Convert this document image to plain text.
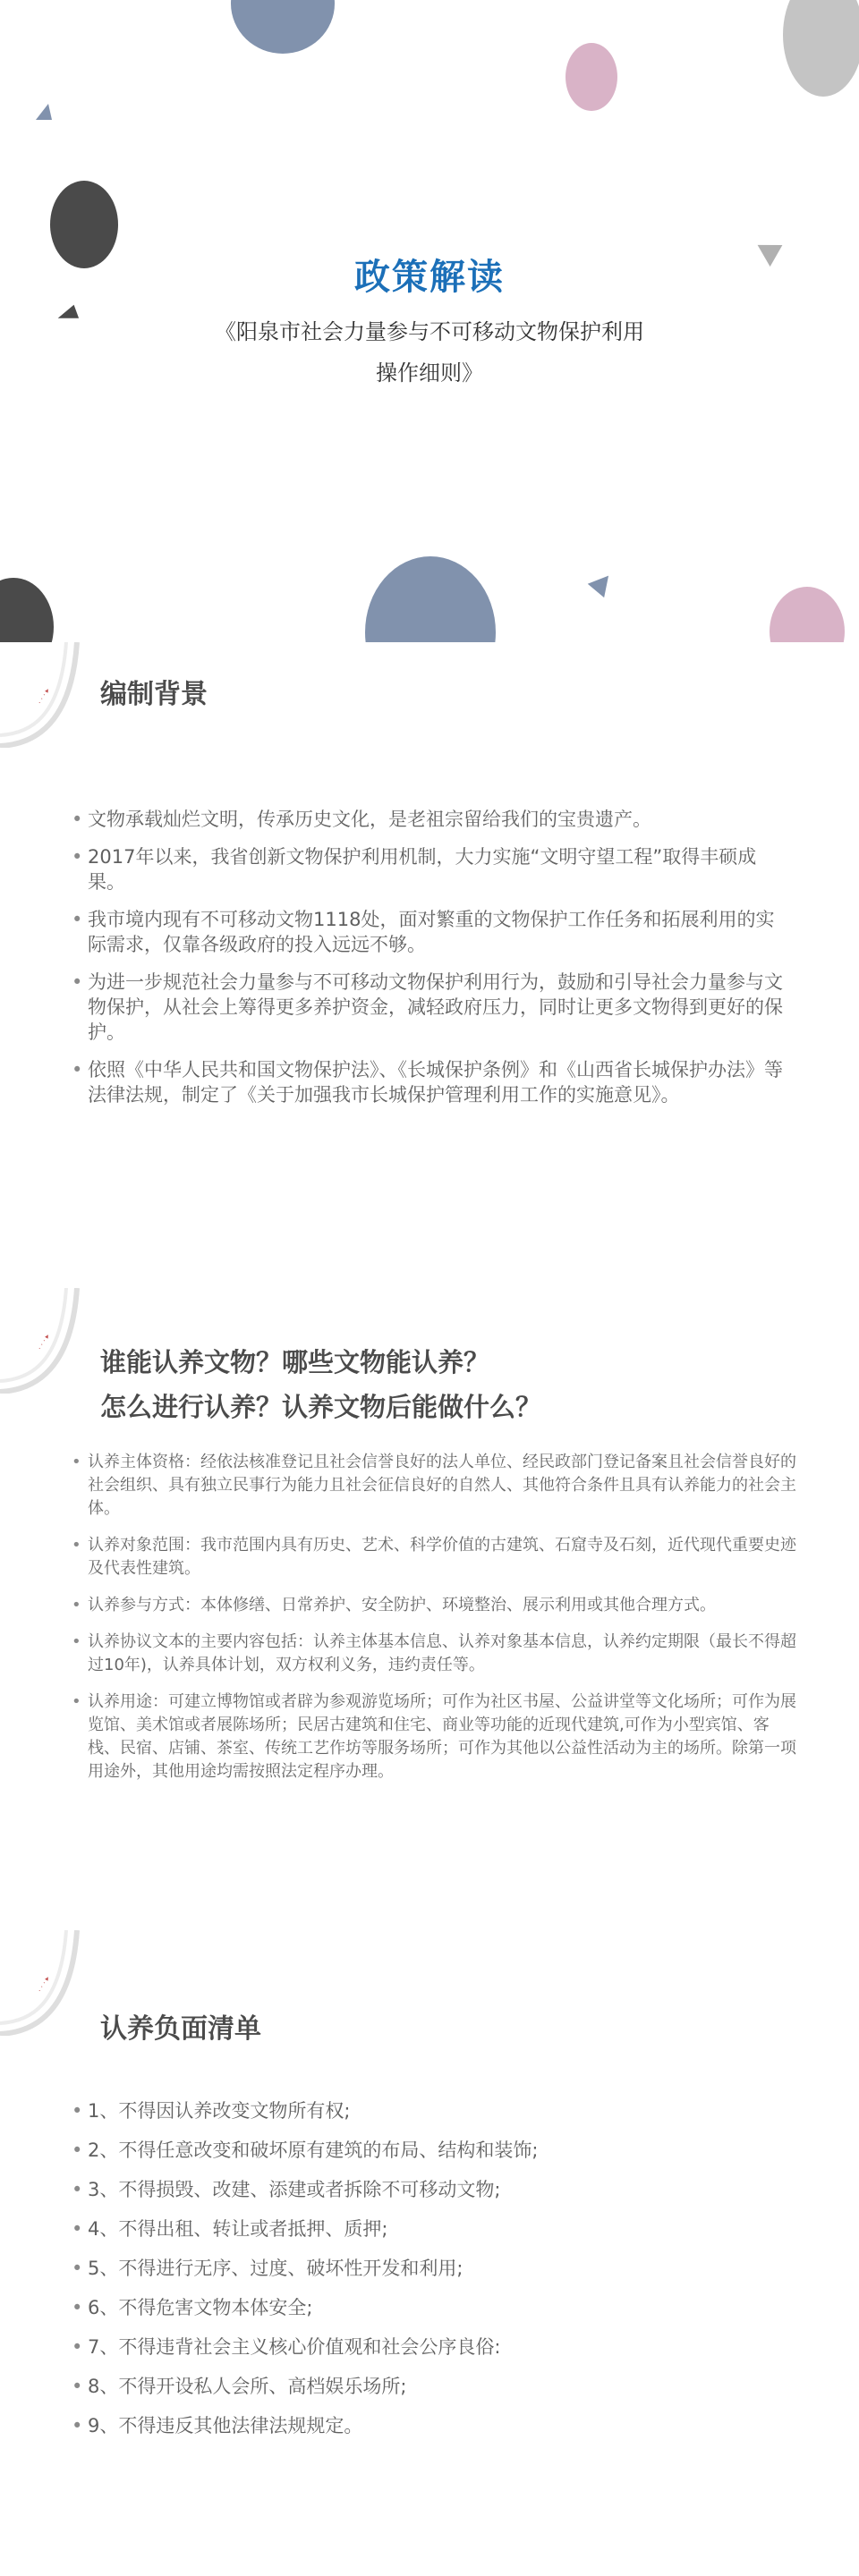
政策解读
《阳泉市社会力量参与不可移动文物保护利用
操作细则》
· · · ▸ 编制背景
• 文物承载灿烂文明，传承历史文化，是老祖宗留给我们的宝贵遗产。
• 2017年以来，我省创新文物保护利用机制，大力实施“文明守望工程”取得丰硕成果。
• 我市境内现有不可移动文物1118处，面对繁重的文物保护工作任务和拓展利用的实际需求，仅靠各级政府的投入远远不够。
• 为进一步规范社会力量参与不可移动文物保护利用行为，鼓励和引导社会力量参与文物保护，从社会上筹得更多养护资金，减轻政府压力，同时让更多文物得到更好的保护。
• 依照《中华人民共和国文物保护法》、《长城保护条例》和《山西省长城保护办法》等法律法规，制定了《关于加强我市长城保护管理利用工作的实施意见》。
· · · ▸
谁能认养文物？哪些文物能认养？
怎么进行认养？认养文物后能做什么？
• 认养主体资格：经依法核准登记且社会信誉良好的法人单位、经民政部门登记备案且社会信誉良好的社会组织、具有独立民事行为能力且社会征信良好的自然人、其他符合条件且具有认养能力的社会主体。
• 认养对象范围：我市范围内具有历史、艺术、科学价值的古建筑、石窟寺及石刻，近代现代重要史迹及代表性建筑。
• 认养参与方式：本体修缮、日常养护、安全防护、环境整治、展示利用或其他合理方式。
• 认养协议文本的主要内容包括：认养主体基本信息、认养对象基本信息，认养约定期限（最长不得超过10年)，认养具体计划，双方权利义务，违约责任等。
• 认养用途：可建立博物馆或者辟为参观游览场所；可作为社区书屋、公益讲堂等文化场所；可作为展览馆、美术馆或者展陈场所；民居古建筑和住宅、商业等功能的近现代建筑,可作为小型宾馆、客栈、民宿、店铺、茶室、传统工艺作坊等服务场所；可作为其他以公益性活动为主的场所。除第一项用途外，其他用途均需按照法定程序办理。
· · · ▸
认养负面清单
• 1、不得因认养改变文物所有权;
• 2、不得任意改变和破坏原有建筑的布局、结构和装饰;
• 3、不得损毁、改建、添建或者拆除不可移动文物;
• 4、不得出租、转让或者抵押、质押;
• 5、不得进行无序、过度、破坏性开发和利用;
• 6、不得危害文物本体安全;
• 7、不得违背社会主义核心价值观和社会公序良俗:
• 8、不得开设私人会所、高档娱乐场所;
• 9、不得违反其他法律法规规定。
